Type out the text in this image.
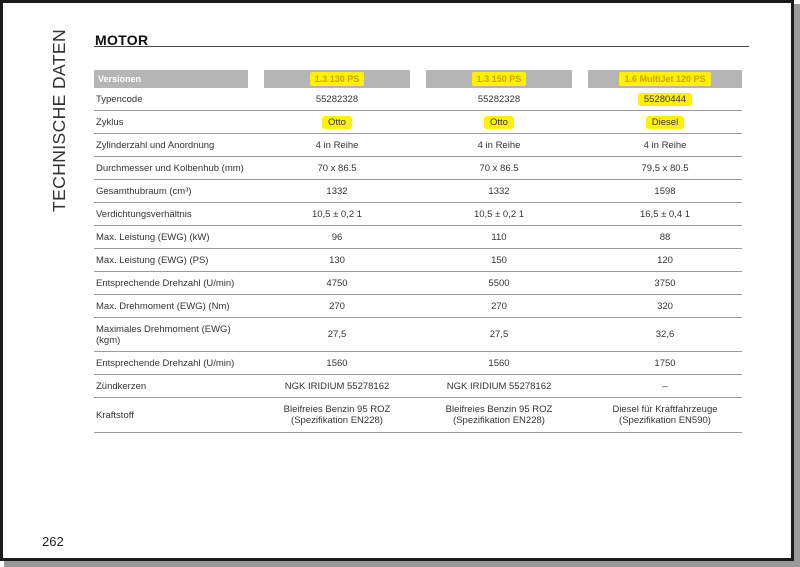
TECHNISCHE DATEN
262
MOTOR
Versionen		1.3 130 PS		1.3 150 PS		1.6 MultiJet 120 PS
Typencode		55282328		55282328		55280444
Zyklus		Otto		Otto		Diesel
Zylinderzahl und Anordnung		4 in Reihe		4 in Reihe		4 in Reihe
Durchmesser und Kolbenhub (mm)		70 x 86.5		70 x 86.5		79,5 x 80.5
Gesamthubraum (cm³)		1332		1332		1598
Verdichtungsverhältnis		10,5 ± 0,2 1		10,5 ± 0,2 1		16,5 ± 0,4 1
Max. Leistung (EWG) (kW)		96		110		88
Max. Leistung (EWG) (PS)		130		150		120
Entsprechende Drehzahl (U/min)		4750		5500		3750
Max. Drehmoment (EWG) (Nm)		270		270		320
Maximales Drehmoment (EWG) (kgm)		27,5		27,5		32,6
Entsprechende Drehzahl (U/min)		1560		1560		1750
Zündkerzen		NGK IRIDIUM 55278162		NGK IRIDIUM 55278162		–
Kraftstoff		Bleifreies Benzin 95 ROZ (Spezifikation EN228)		Bleifreies Benzin 95 ROZ (Spezifikation EN228)		Diesel für Kraftfahrzeuge (Spezifikation EN590)
